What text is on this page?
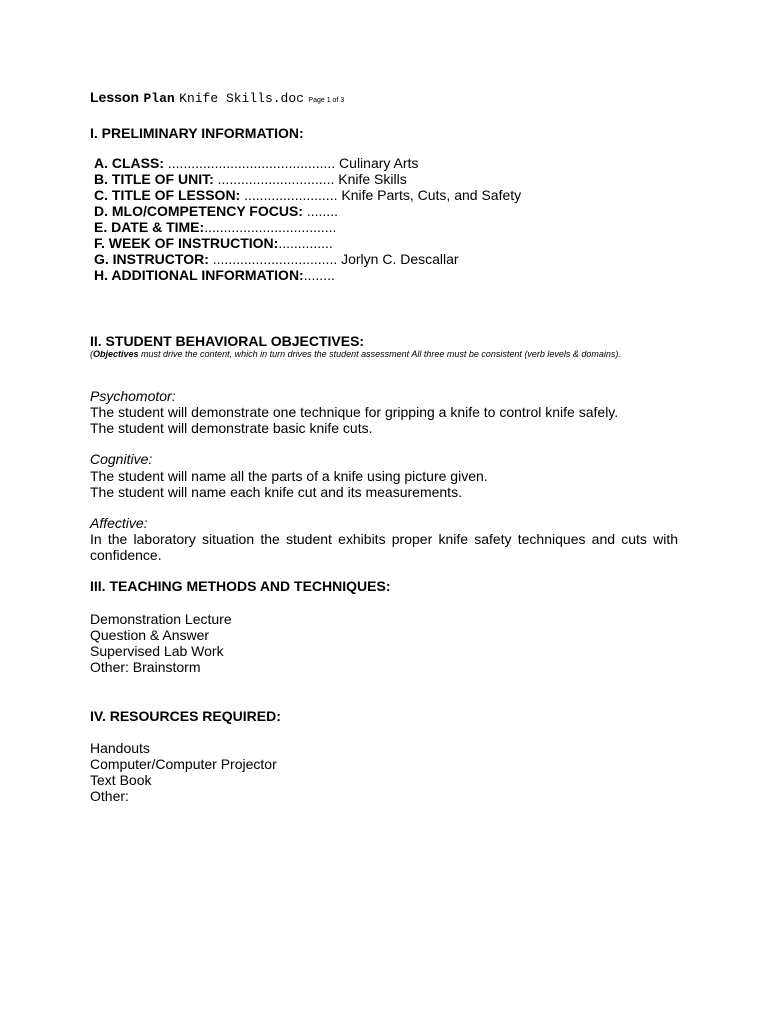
Lesson Plan Knife Skills.doc Page 1 of 3
I. PRELIMINARY INFORMATION:
A. CLASS: ........................................... Culinary Arts
B. TITLE OF UNIT: .............................. Knife Skills
C. TITLE OF LESSON: ........................ Knife Parts, Cuts, and Safety
D. MLO/COMPETENCY FOCUS: ........
E. DATE & TIME:..................................
F. WEEK OF INSTRUCTION:..............
G. INSTRUCTOR: ................................ Jorlyn C. Descallar
H. ADDITIONAL INFORMATION:........
II. STUDENT BEHAVIORAL OBJECTIVES:
(Objectives must drive the content, which in turn drives the student assessment All three must be consistent (verb levels & domains).
Psychomotor:
The student will demonstrate one technique for gripping a knife to control knife safely.
The student will demonstrate basic knife cuts.
Cognitive:
The student will name all the parts of a knife using picture given.
The student will name each knife cut and its measurements.
Affective:
In the laboratory situation the student exhibits proper knife safety techniques and cuts with confidence.
III. TEACHING METHODS AND TECHNIQUES:
Demonstration Lecture
Question & Answer
Supervised Lab Work
Other: Brainstorm
IV. RESOURCES REQUIRED:
Handouts
Computer/Computer Projector
Text Book
Other:
